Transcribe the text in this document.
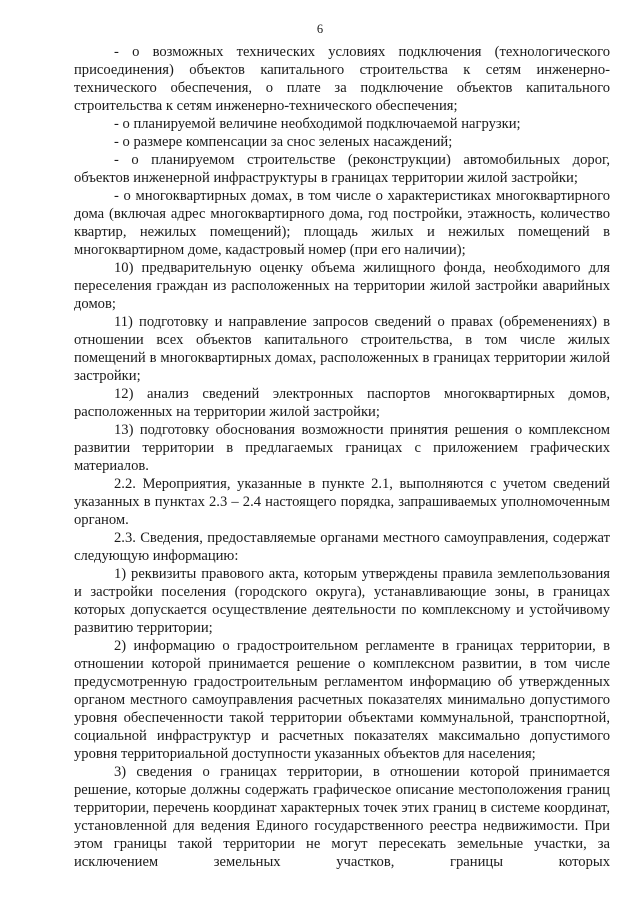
6

- о возможных технических условиях подключения (технологического присоединения) объектов капитального строительства к сетям инженерно-технического обеспечения, о плате за подключение объектов капитального строительства к сетям инженерно-технического обеспечения;

- о планируемой величине необходимой подключаемой нагрузки;

- о размере компенсации за снос зеленых насаждений;

- о планируемом строительстве (реконструкции) автомобильных дорог, объектов инженерной инфраструктуры в границах территории жилой застройки;

- о многоквартирных домах, в том числе о характеристиках многоквартирного дома (включая адрес многоквартирного дома, год постройки, этажность, количество квартир, нежилых помещений); площадь жилых и нежилых помещений в многоквартирном доме, кадастровый номер (при его наличии);

10) предварительную оценку объема жилищного фонда, необходимого для переселения граждан из расположенных на территории жилой застройки аварийных домов;

11) подготовку и направление запросов сведений о правах (обременениях) в отношении всех объектов капитального строительства, в том числе жилых помещений в многоквартирных домах, расположенных в границах территории жилой застройки;

12) анализ сведений электронных паспортов многоквартирных домов, расположенных на территории жилой застройки;

13) подготовку обоснования возможности принятия решения о комплексном развитии территории в предлагаемых границах с приложением графических материалов.

2.2. Мероприятия, указанные в пункте 2.1, выполняются с учетом сведений указанных в пунктах 2.3 – 2.4 настоящего порядка, запрашиваемых уполномоченным органом.

2.3. Сведения, предоставляемые органами местного самоуправления, содержат следующую информацию:

1) реквизиты правового акта, которым утверждены правила землепользования и застройки поселения (городского округа), устанавливающие зоны, в границах которых допускается осуществление деятельности по комплексному и устойчивому развитию территории;

2) информацию о градостроительном регламенте в границах территории, в отношении которой принимается решение о комплексном развитии, в том числе предусмотренную градостроительным регламентом информацию об утвержденных органом местного самоуправления расчетных показателях минимально допустимого уровня обеспеченности такой территории объектами коммунальной, транспортной, социальной инфраструктур и расчетных показателях максимально допустимого уровня территориальной доступности указанных объектов для населения;

3) сведения о границах территории, в отношении которой принимается решение, которые должны содержать графическое описание местоположения границ территории, перечень координат характерных точек этих границ в системе координат, установленной для ведения Единого государственного реестра недвижимости. При этом границы такой территории не могут пересекать земельные участки, за исключением земельных участков, границы которых
